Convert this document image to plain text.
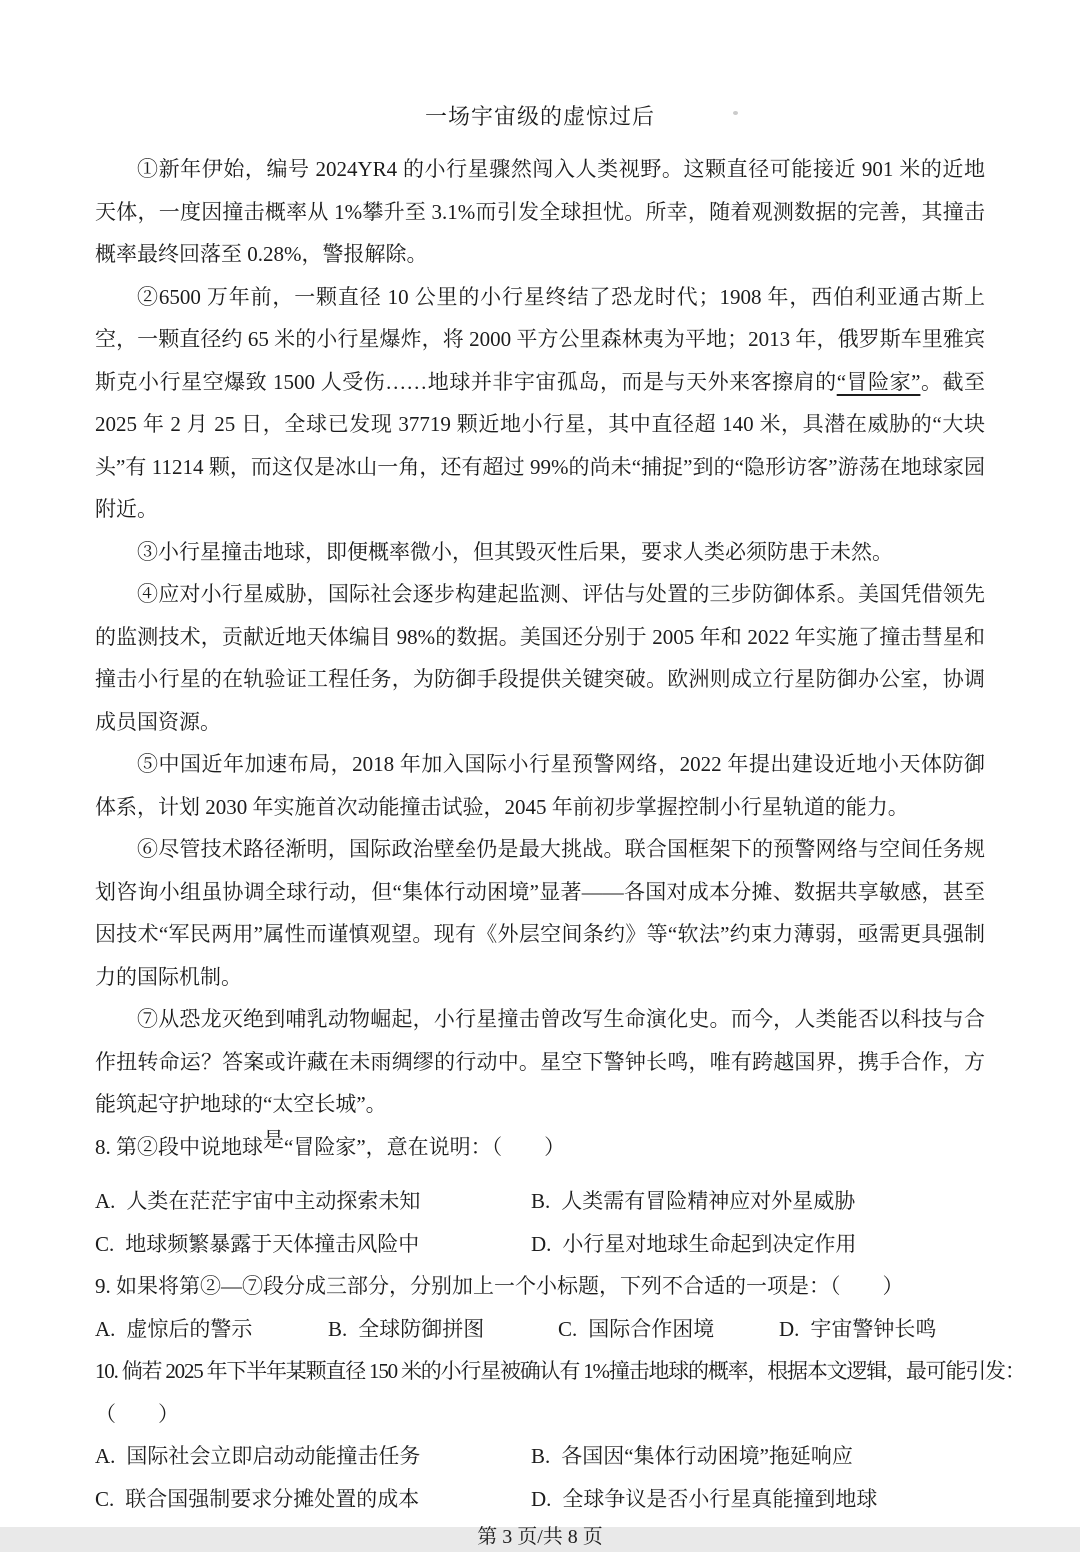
一场宇宙级的虚惊过后
①新年伊始，编号 2024YR4 的小行星骤然闯入人类视野。这颗直径可能接近 901 米的近地天体，一度因撞击概率从 1%攀升至 3.1%而引发全球担忧。所幸，随着观测数据的完善，其撞击概率最终回落至 0.28%，警报解除。
②6500 万年前，一颗直径 10 公里的小行星终结了恐龙时代；1908 年，西伯利亚通古斯上空，一颗直径约 65 米的小行星爆炸，将 2000 平方公里森林夷为平地；2013 年，俄罗斯车里雅宾斯克小行星空爆致 1500 人受伤……地球并非宇宙孤岛，而是与天外来客擦肩的“冒险家”。截至 2025 年 2 月 25 日，全球已发现 37719 颗近地小行星，其中直径超 140 米，具潜在威胁的“大块头”有 11214 颗，而这仅是冰山一角，还有超过 99%的尚未“捕捉”到的“隐形访客”游荡在地球家园附近。
③小行星撞击地球，即便概率微小，但其毁灭性后果，要求人类必须防患于未然。
④应对小行星威胁，国际社会逐步构建起监测、评估与处置的三步防御体系。美国凭借领先的监测技术，贡献近地天体编目 98%的数据。美国还分别于 2005 年和 2022 年实施了撞击彗星和撞击小行星的在轨验证工程任务，为防御手段提供关键突破。欧洲则成立行星防御办公室，协调成员国资源。
⑤中国近年加速布局，2018 年加入国际小行星预警网络，2022 年提出建设近地小天体防御体系，计划 2030 年实施首次动能撞击试验，2045 年前初步掌握控制小行星轨道的能力。
⑥尽管技术路径渐明，国际政治壁垒仍是最大挑战。联合国框架下的预警网络与空间任务规划咨询小组虽协调全球行动，但“集体行动困境”显著——各国对成本分摊、数据共享敏感，甚至因技术“军民两用”属性而谨慎观望。现有《外层空间条约》等“软法”约束力薄弱，亟需更具强制力的国际机制。
⑦从恐龙灭绝到哺乳动物崛起，小行星撞击曾改写生命演化史。而今，人类能否以科技与合作扭转命运？答案或许藏在未雨绸缪的行动中。星空下警钟长鸣，唯有跨越国界，携手合作，方能筑起守护地球的“太空长城”。
8. 第②段中说地球是“冒险家”，意在说明：（　　）
A. 人类在茫茫宇宙中主动探索未知	B. 人类需有冒险精神应对外星威胁
C. 地球频繁暴露于天体撞击风险中	D. 小行星对地球生命起到决定作用
9. 如果将第②—⑦段分成三部分，分别加上一个小标题，下列不合适的一项是：（　　）
A. 虚惊后的警示	B. 全球防御拼图	C. 国际合作困境	D. 宇宙警钟长鸣
10. 倘若 2025 年下半年某颗直径 150 米的小行星被确认有 1%撞击地球的概率，根据本文逻辑，最可能引发：
（　　）
A. 国际社会立即启动动能撞击任务	B. 各国因“集体行动困境”拖延响应
C. 联合国强制要求分摊处置的成本	D. 全球争议是否小行星真能撞到地球
第 3 页/共 8 页
